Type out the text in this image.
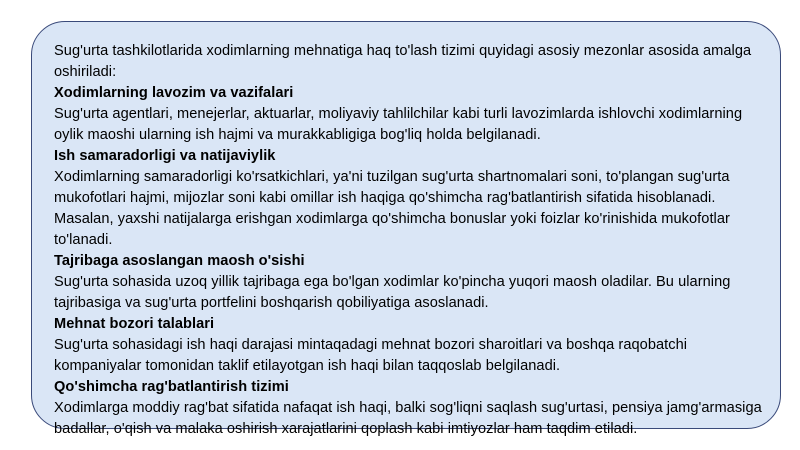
Sug'urta tashkilotlarida xodimlarning mehnatiga haq to'lash tizimi quyidagi asosiy mezonlar asosida amalga oshiriladi:

Xodimlarning lavozim va vazifalari

Sug'urta agentlari, menejerlar, aktuarlar, moliyaviy tahlilchilar kabi turli lavozimlarda ishlovchi xodimlarning oylik maoshi ularning ish hajmi va murakkabligiga bog'liq holda belgilanadi.

Ish samaradorligi va natijaviylik

Xodimlarning samaradorligi ko'rsatkichlari, ya'ni tuzilgan sug'urta shartnomalari soni, to'plangan sug'urta mukofotlari hajmi, mijozlar soni kabi omillar ish haqiga qo'shimcha rag'batlantirish sifatida hisoblanadi. Masalan, yaxshi natijalarga erishgan xodimlarga qo'shimcha bonuslar yoki foizlar ko'rinishida mukofotlar to'lanadi.

Tajribaga asoslangan maosh o'sishi

Sug'urta sohasida uzoq yillik tajribaga ega bo'lgan xodimlar ko'pincha yuqori maosh oladilar. Bu ularning tajribasiga va sug'urta portfelini boshqarish qobiliyatiga asoslanadi.

Mehnat bozori talablari

Sug'urta sohasidagi ish haqi darajasi mintaqadagi mehnat bozori sharoitlari va boshqa raqobatchi kompaniyalar tomonidan taklif etilayotgan ish haqi bilan taqqoslab belgilanadi.

Qo'shimcha rag'batlantirish tizimi

Xodimlarga moddiy rag'bat sifatida nafaqat ish haqi, balki sog'liqni saqlash sug'urtasi, pensiya jamg'armasiga badallar, o'qish va malaka oshirish xarajatlarini qoplash kabi imtiyozlar ham taqdim etiladi.
